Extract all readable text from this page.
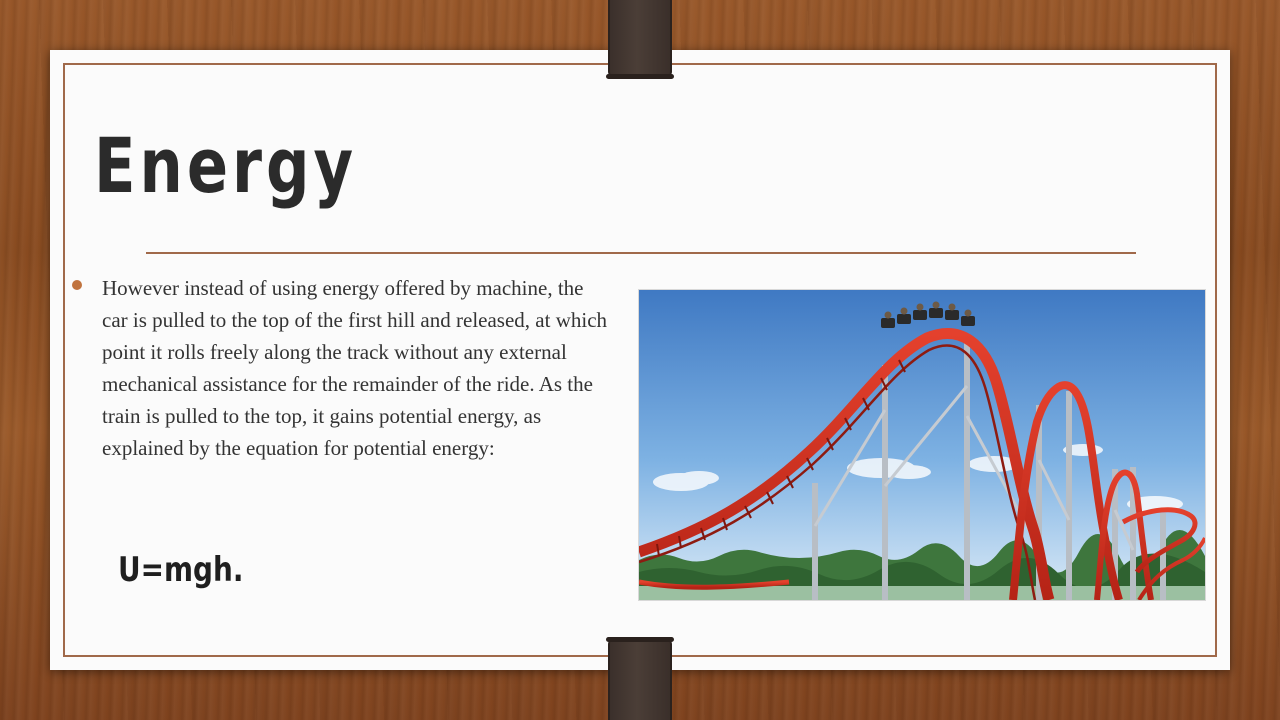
Energy

However instead of using energy offered by machine, the car is pulled to the top of the first hill and released, at which point it rolls freely along the track without any external mechanical assistance for the remainder of the ride. As the train is pulled to the top, it gains potential energy, as explained by the equation for potential energy:

U=mgh.
